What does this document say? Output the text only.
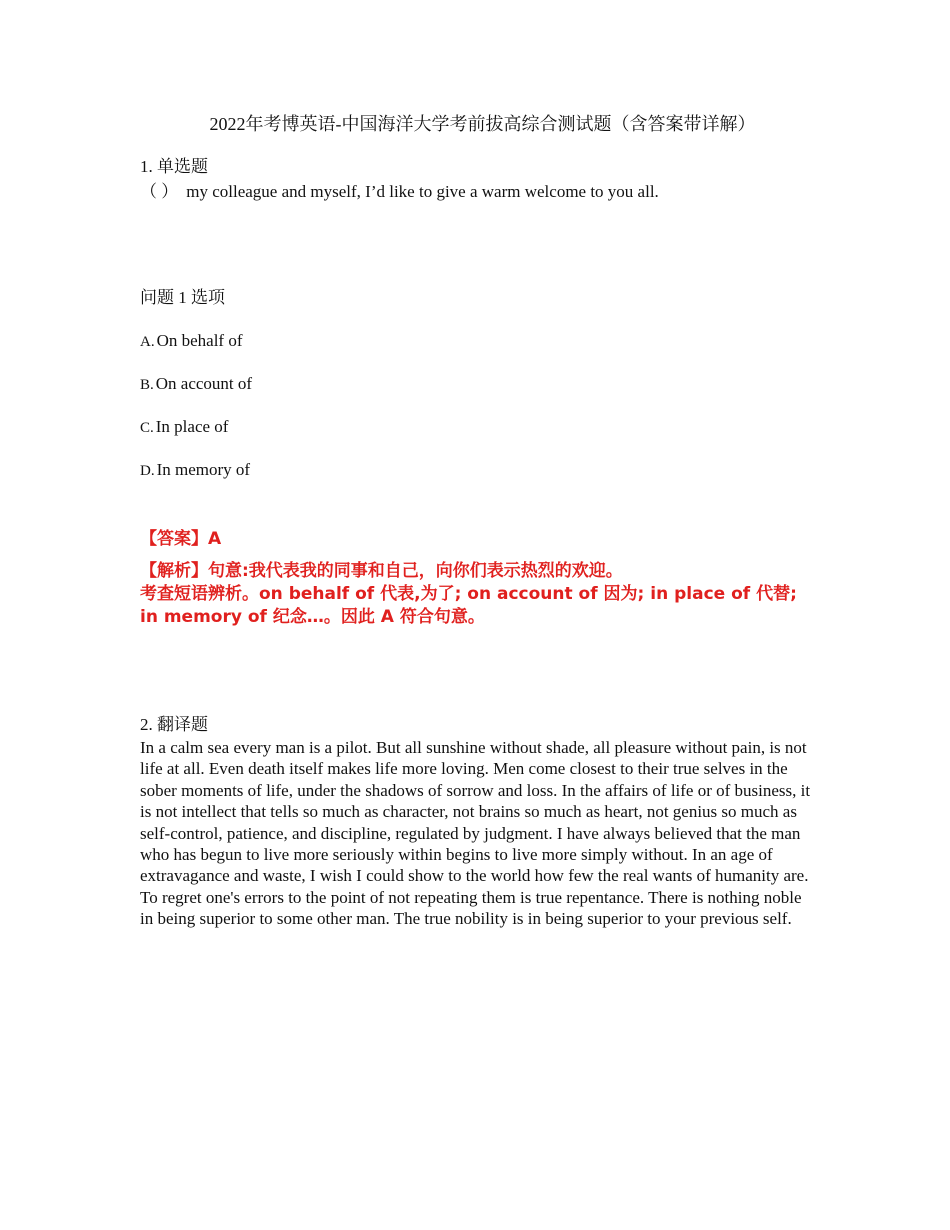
2022年考博英语-中国海洋大学考前拔高综合测试题（含答案带详解）
1. 单选题
（ ） my colleague and myself, I’d like to give a warm welcome to you all.
问题 1 选项
A. On behalf of
B. On account of
C. In place of
D. In memory of
【答案】A
【解析】句意:我代表我的同事和自己，向你们表示热烈的欢迎。
考查短语辨析。on behalf of 代表,为了; on account of 因为; in place of 代替;
in memory of 纪念…。因此 A 符合句意。
2. 翻译题
In a calm sea every man is a pilot. But all sunshine without shade, all pleasure without pain, is not life at all. Even death itself makes life more loving. Men come closest to their true selves in the sober moments of life, under the shadows of sorrow and loss. In the affairs of life or of business, it is not intellect that tells so much as character, not brains so much as heart, not genius so much as self-control, patience, and discipline, regulated by judgment. I have always believed that the man who has begun to live more seriously within begins to live more simply without. In an age of extravagance and waste, I wish I could show to the world how few the real wants of humanity are. To regret one's errors to the point of not repeating them is true repentance. There is nothing noble in being superior to some other man. The true nobility is in being superior to your previous self.
